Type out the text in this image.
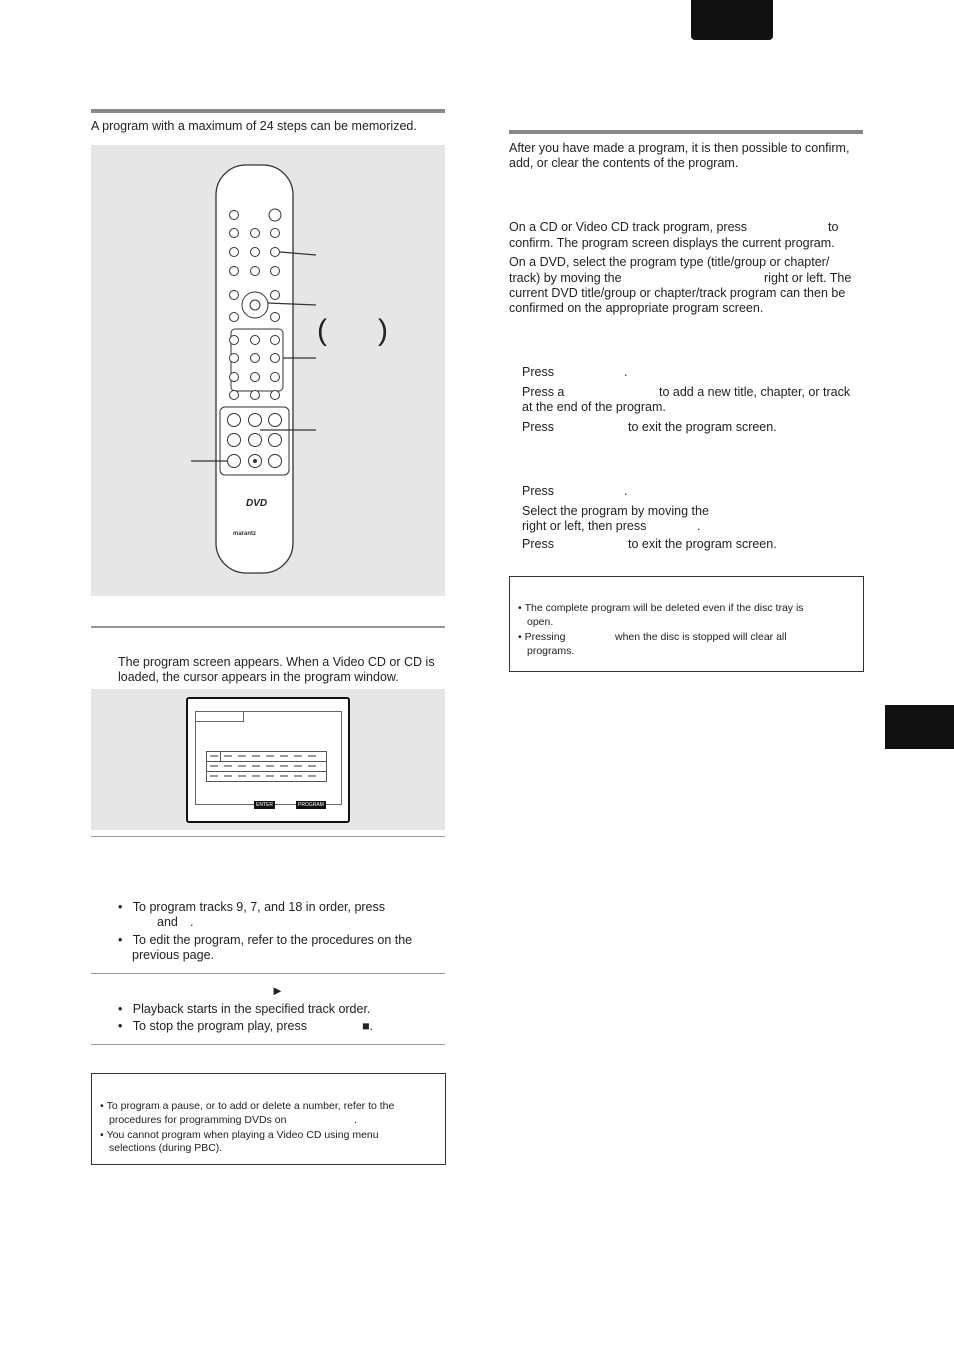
A program with a maximum of 24 steps can be memorized.
( )
DVD
marantz
The program screen appears. When a Video CD or CD is
loaded, the cursor appears in the program window.
ENTER	PROGRAM
•   To program tracks 9, 7, and 18 in order, press
and .
•   To edit the program, refer to the procedures on the
previous page.
►
•   Playback starts in the specified track order.
•   To stop the program play, press	■.
• To program a pause, or to add or delete a number, refer to the
procedures for programming DVDs on	.
• You cannot program when playing a Video CD using menu
selections (during PBC).
After you have made a program, it is then possible to confirm,
add, or clear the contents of the program.
On a CD or Video CD track program, press	to
confirm. The program screen displays the current program.
On a DVD, select the program type (title/group or chapter/
track) by moving the	right or left. The
current DVD title/group or chapter/track program can then be
confirmed on the appropriate program screen.
Press	.
Press a	to add a new title, chapter, or track
at the end of the program.
Press	to exit the program screen.
Press	.
Select the program by moving the
right or left, then press	.
Press	to exit the program screen.
• The complete program will be deleted even if the disc tray is
open.
• Pressing	when the disc is stopped will clear all
programs.
